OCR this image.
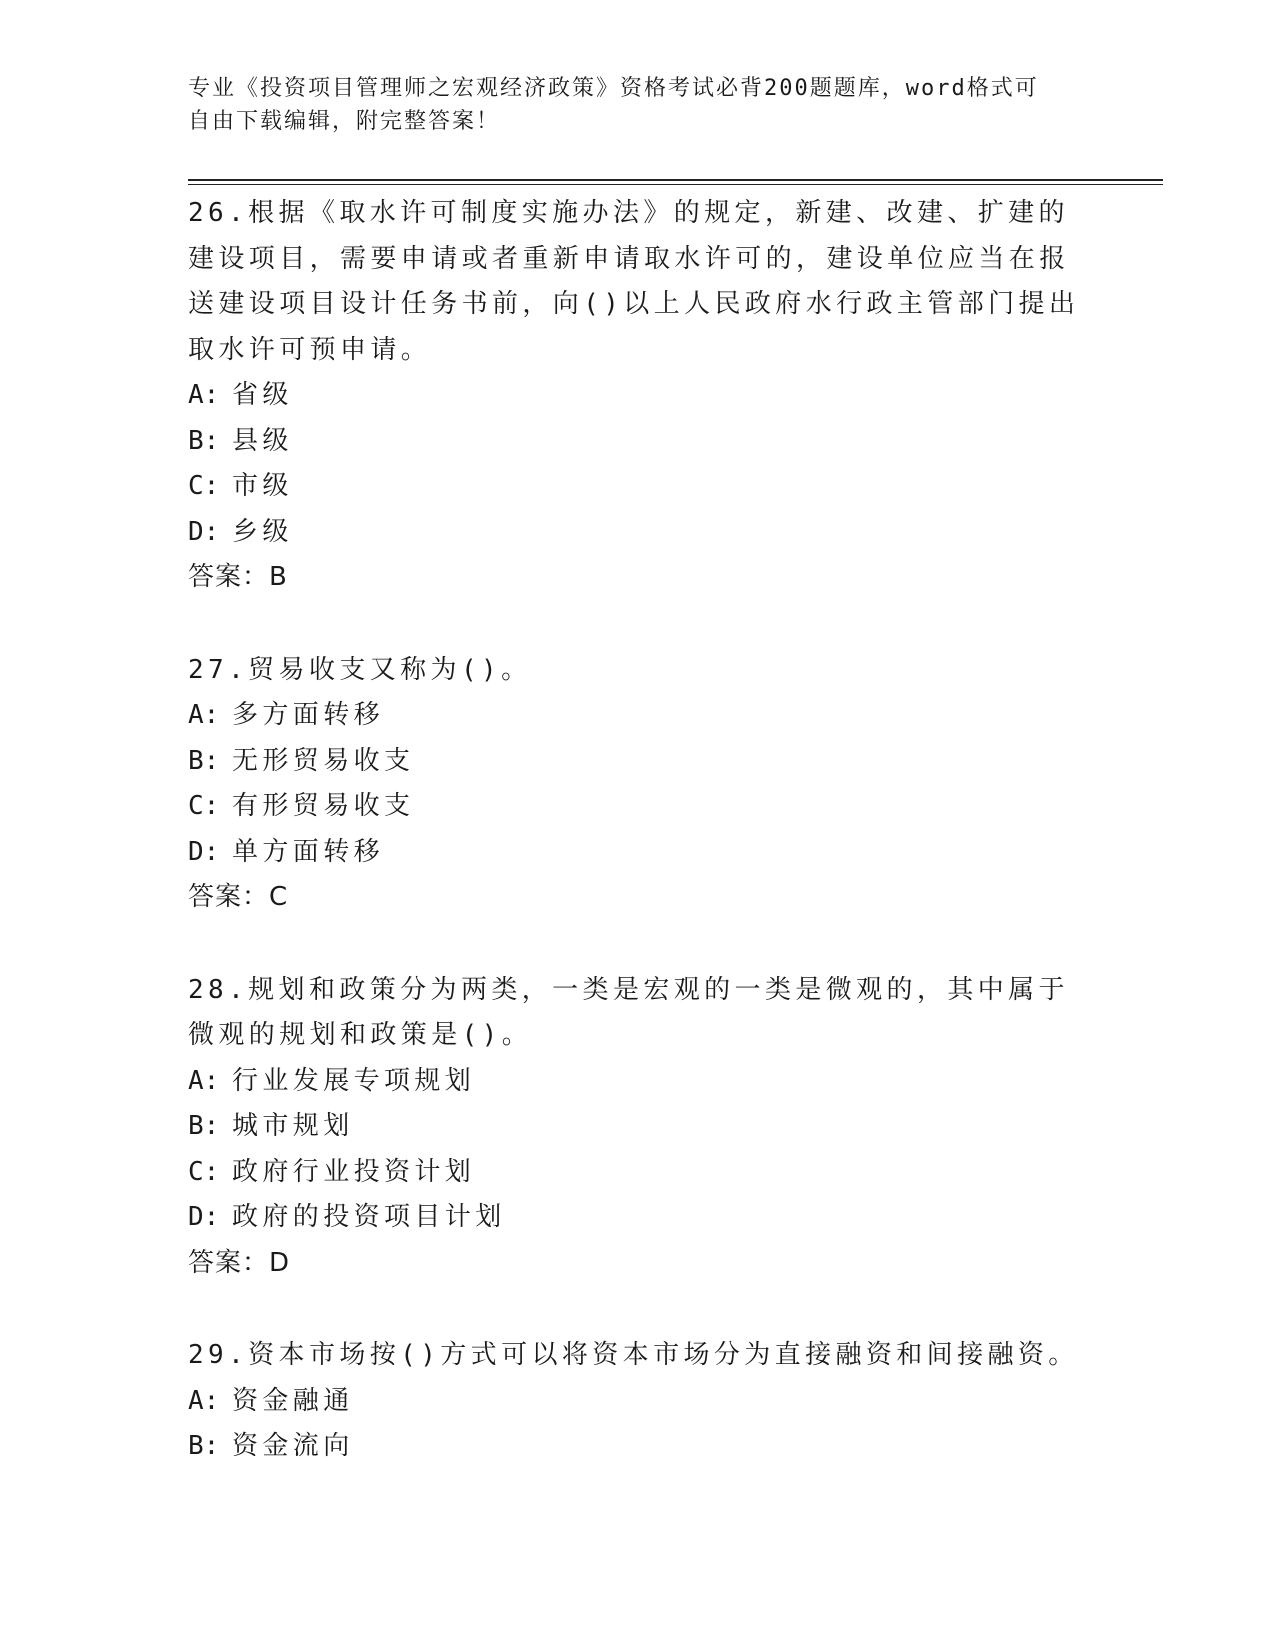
专业《投资项目管理师之宏观经济政策》资格考试必背200题题库，word格式可
自由下载编辑，附完整答案！

26.根据《取水许可制度实施办法》的规定，新建、改建、扩建的建设项目，需要申请或者重新申请取水许可的，建设单位应当在报送建设项目设计任务书前，向()以上人民政府水行政主管部门提出取水许可预申请。

A: 省级

B: 县级

C: 市级

D: 乡级

答案：B

27.贸易收支又称为()。

A: 多方面转移

B: 无形贸易收支

C: 有形贸易收支

D: 单方面转移

答案：C

28.规划和政策分为两类，一类是宏观的一类是微观的，其中属于微观的规划和政策是()。

A: 行业发展专项规划

B: 城市规划

C: 政府行业投资计划

D: 政府的投资项目计划

答案：D

29.资本市场按()方式可以将资本市场分为直接融资和间接融资。

A: 资金融通

B: 资金流向
